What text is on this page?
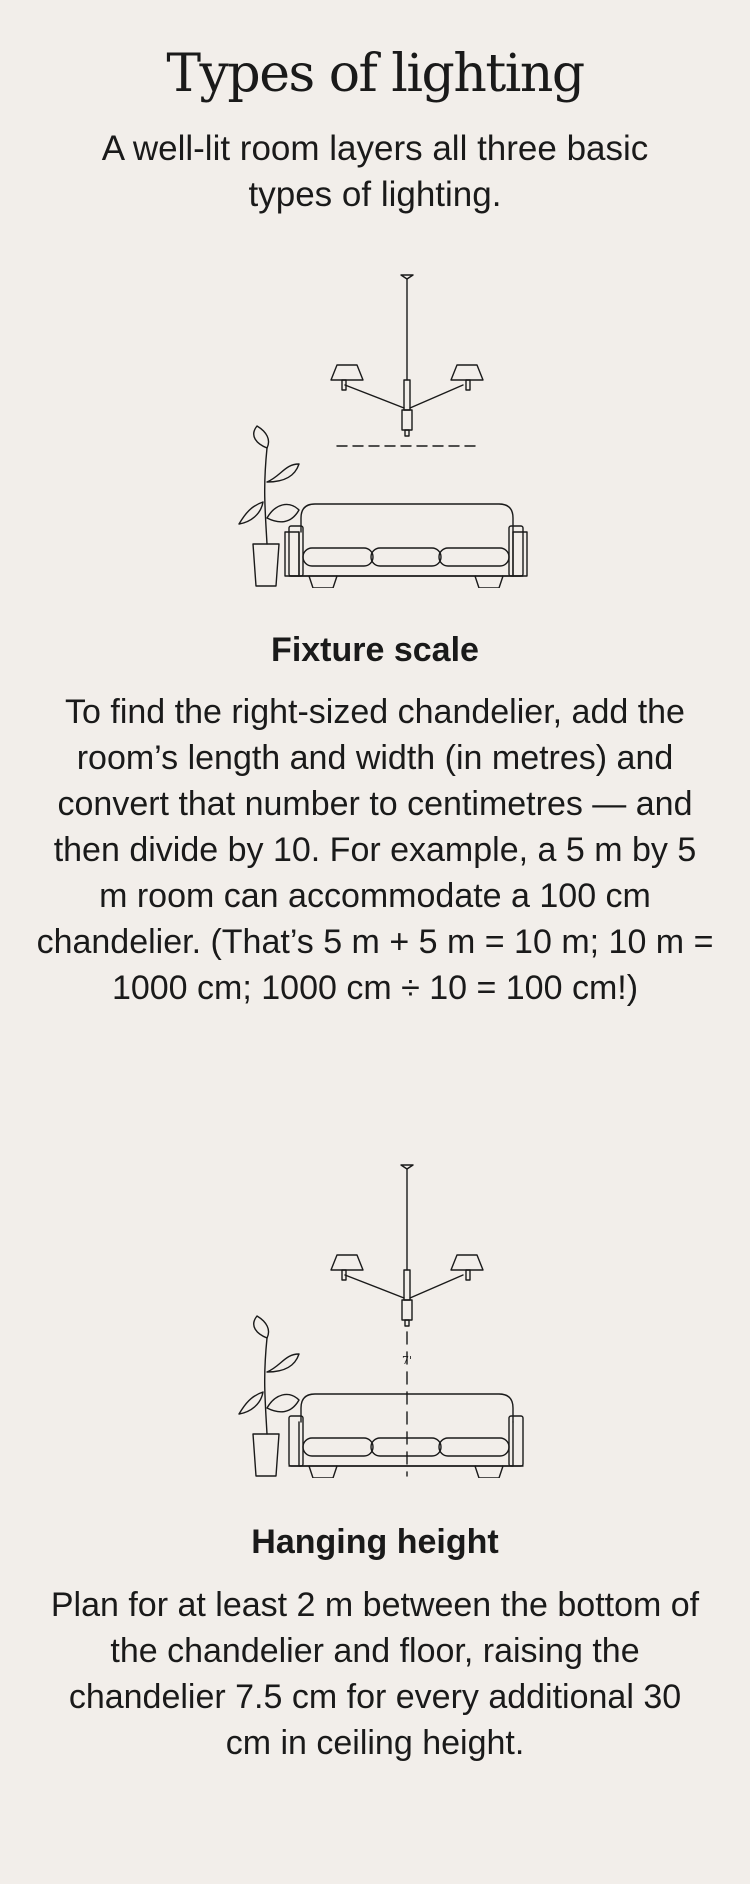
Types of lighting

A well-lit room layers all three basic types of lighting.

Fixture scale

To find the right-sized chandelier, add the room’s length and width (in metres) and convert that number to centimetres — and then divide by 10. For example, a 5 m by 5 m room can accommodate a 100 cm chandelier. (That’s 5 m + 5 m = 10 m; 10 m = 1000 cm; 1000 cm ÷ 10 = 100 cm!)

7'
Hanging height

Plan for at least 2 m between the bottom of the chandelier and floor, raising the chandelier 7.5 cm for every additional 30 cm in ceiling height.
